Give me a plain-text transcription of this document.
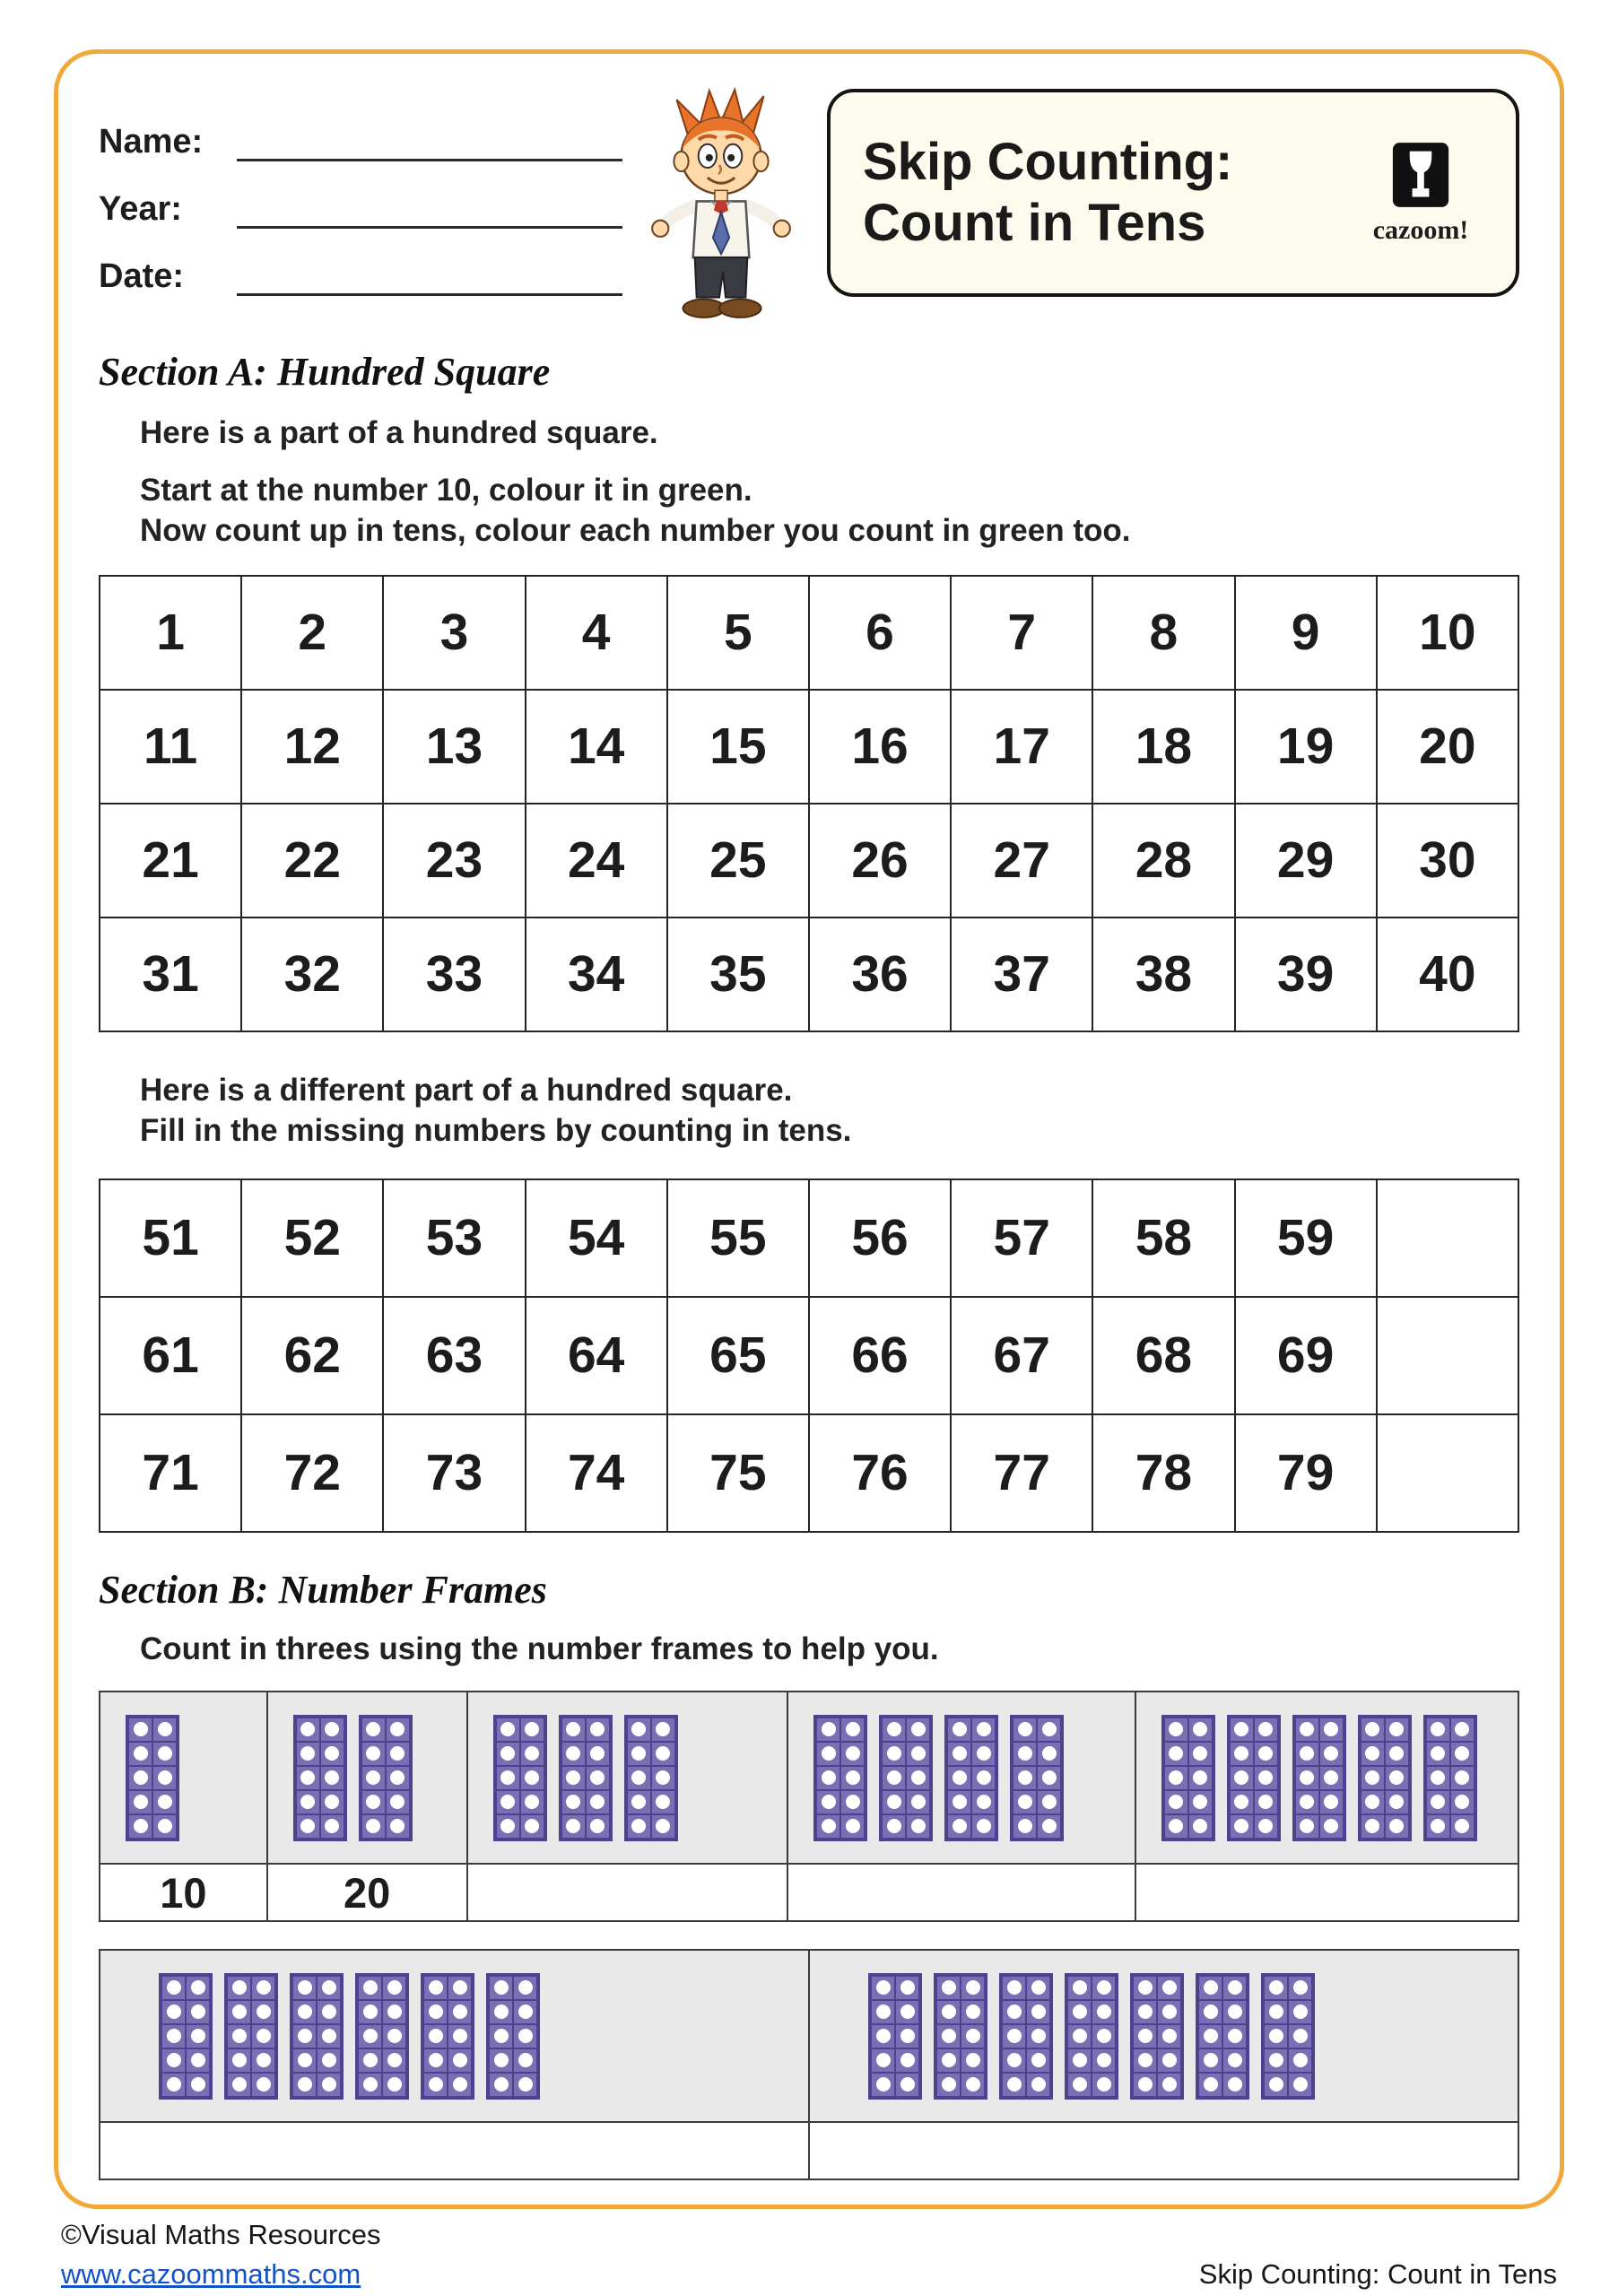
Name:
Year:
Date:
Skip Counting:
Count in Tens	cazoom!
Section A: Hundred Square

Here is a part of a hundred square.

Start at the number 10, colour it in green.

Now count up in tens, colour each number you count in green too.

1	2	3	4	5	6	7	8	9	10
11	12	13	14	15	16	17	18	19	20
21	22	23	24	25	26	27	28	29	30
31	32	33	34	35	36	37	38	39	40

Here is a different part of a hundred square.

Fill in the missing numbers by counting in tens.

51	52	53	54	55	56	57	58	59	
61	62	63	64	65	66	67	68	69	
71	72	73	74	75	76	77	78	79	
Section B: Number Frames

Count in threes using the number frames to help you.

10	20			

©Visual Maths Resources
www.cazoommaths.com	Skip Counting: Count in Tens
